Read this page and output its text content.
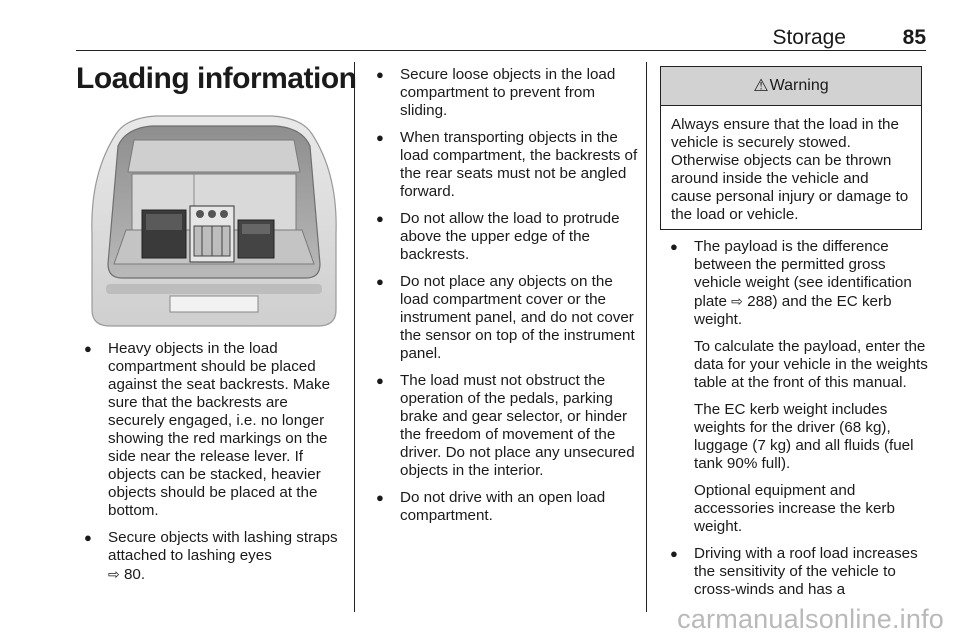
Storage	85
Loading information
● Heavy objects in the load compartment should be placed against the seat backrests. Make sure that the backrests are securely engaged, i.e. no longer showing the red markings on the side near the release lever. If objects can be stacked, heavier objects should be placed at the bottom.
● Secure objects with lashing straps attached to lashing eyes
⇨ 80.
● Secure loose objects in the load compartment to prevent from sliding.
● When transporting objects in the load compartment, the backrests of the rear seats must not be angled forward.
● Do not allow the load to protrude above the upper edge of the backrests.
● Do not place any objects on the load compartment cover or the instrument panel, and do not cover the sensor on top of the instrument panel.
● The load must not obstruct the operation of the pedals, parking brake and gear selector, or hinder the freedom of movement of the driver. Do not place any unsecured objects in the interior.
● Do not drive with an open load compartment.
⚠ Warning
Always ensure that the load in the vehicle is securely stowed. Otherwise objects can be thrown around inside the vehicle and cause personal injury or damage to the load or vehicle.
● The payload is the difference between the permitted gross vehicle weight (see identification plate ⇨ 288) and the EC kerb weight.

To calculate the payload, enter the data for your vehicle in the weights table at the front of this manual.

The EC kerb weight includes weights for the driver (68 kg), luggage (7 kg) and all fluids (fuel tank 90% full).

Optional equipment and accessories increase the kerb weight.

● Driving with a roof load increases the sensitivity of the vehicle to cross-winds and has a
carmanualsonline.info
